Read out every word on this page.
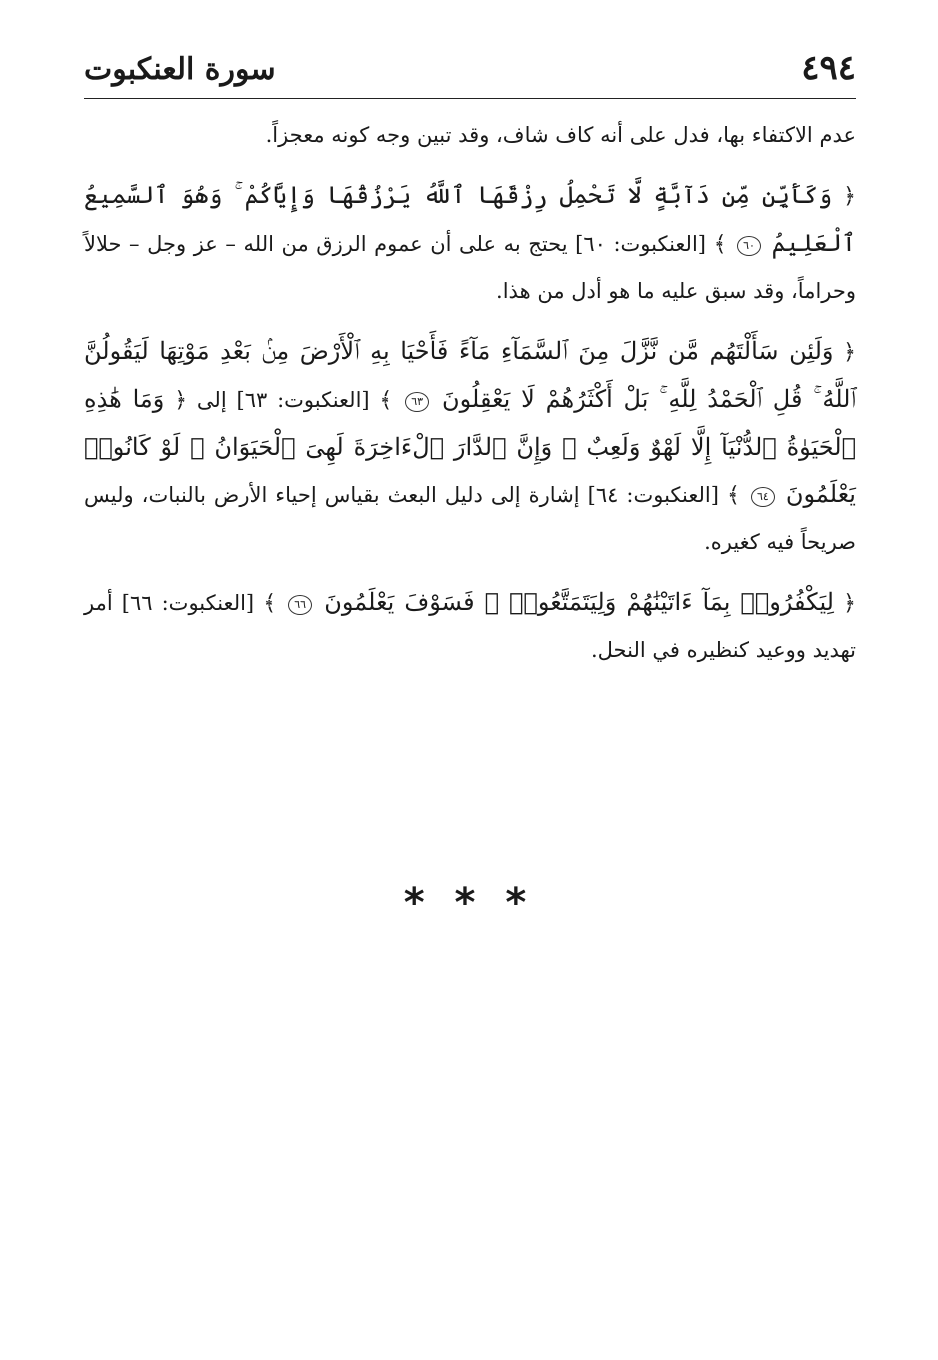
سورة العنكبوت	٤٩٤

عدم الاكتفاء بها، فدل على أنه كاف شاف، وقد تبين وجه كونه معجزاً.

﴿ وَكَأَيِّن مِّن دَآبَّةٍ لَّا تَحْمِلُ رِزْقَهَا ٱللَّهُ يَرْزُقُهَا وَإِيَّاكُمْ ۚ وَهُوَ ٱلسَّمِيعُ ٱلْعَلِيمُ ٦٠ ﴾ [العنكبوت: ٦٠] يحتج به على أن عموم الرزق من الله – عز وجل – حلالاً وحراماً، وقد سبق عليه ما هو أدل من هذا.

﴿ وَلَئِن سَأَلْتَهُم مَّن نَّزَّلَ مِنَ ٱلسَّمَآءِ مَآءً فَأَحْيَا بِهِ ٱلْأَرْضَ مِنۢ بَعْدِ مَوْتِهَا لَيَقُولُنَّ ٱللَّهُ ۚ قُلِ ٱلْحَمْدُ لِلَّهِ ۚ بَلْ أَكْثَرُهُمْ لَا يَعْقِلُونَ ٦٣ ﴾ [العنكبوت: ٦٣] إلى ﴿ وَمَا هَٰذِهِ ٱلْحَيَوٰةُ ٱلدُّنْيَآ إِلَّا لَهْوٌ وَلَعِبٌ ۚ وَإِنَّ ٱلدَّارَ ٱلْءَاخِرَةَ لَهِىَ ٱلْحَيَوَانُ ۚ لَوْ كَانُوا۟ يَعْلَمُونَ ٦٤ ﴾ [العنكبوت: ٦٤] إشارة إلى دليل البعث بقياس إحياء الأرض بالنبات، وليس صريحاً فيه كغيره.

﴿ لِيَكْفُرُوا۟ بِمَآ ءَاتَيْنَٰهُمْ وَلِيَتَمَتَّعُوا۟ ۖ فَسَوْفَ يَعْلَمُونَ ٦٦ ﴾ [العنكبوت: ٦٦] أمر تهديد ووعيد كنظيره في النحل.

* * *
